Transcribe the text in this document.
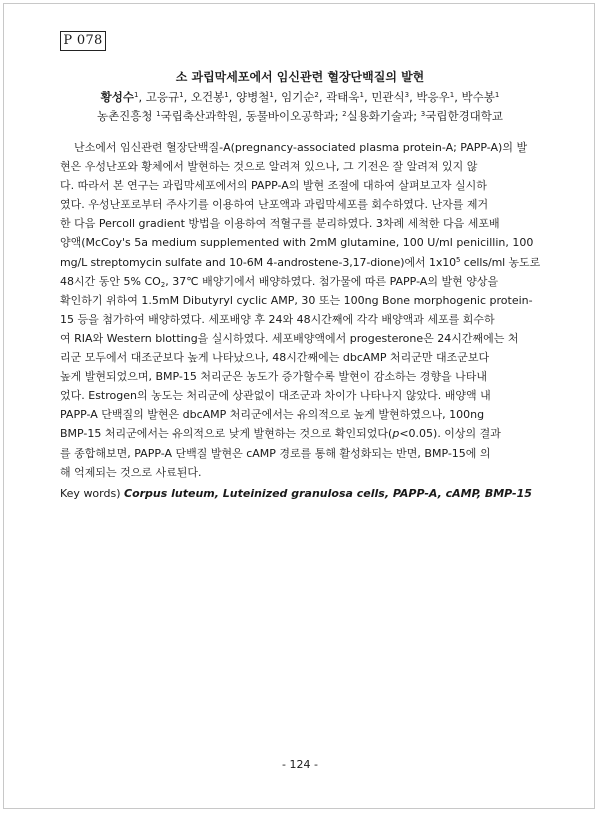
P 078
소 과립막세포에서 임신관련 혈장단백질의 발현
황성수$^1$, 고응규$^1$, 오건봉$^1$, 양병철$^1$, 임기순$^2$, 곽태욱$^1$, 민관식$^3$, 박응우$^1$, 박수봉$^1$
농촌진흥청 $^1$국립축산과학원, 동물바이오공학과; $^2$실용화기술과; $^3$국립한경대학교
난소에서 임신관련 혈장단백질-A(pregnancy-associated plasma protein-A; PAPP-A)의 발
현은 우성난포와 황체에서 발현하는 것으로 알려져 있으나, 그 기전은 잘 알려져 있지 않
다. 따라서 본 연구는 과립막세포에서의 PAPP-A의 발현 조절에 대하여 살펴보고자 실시하
였다. 우성난포로부터 주사기를 이용하여 난포액과 과립막세포를 회수하였다. 난자를 제거
한 다음 Percoll gradient 방법을 이용하여 적혈구를 분리하였다. 3차례 세척한 다음 세포배
양액(McCoy's 5a medium supplemented with 2mM glutamine, 100 U/ml penicillin, 100
mg/L streptomycin sulfate and 10-6M 4-androstene-3,17-dione)에서 $1x10^5$ cells/ml 농도로
48시간 동안 5% $CO_2$, 37℃ 배양기에서 배양하였다. 첨가물에 따른 PAPP-A의 발현 양상을
확인하기 위하여 1.5mM Dibutyryl cyclic AMP, 30 또는 100ng Bone morphogenic protein-
15 등을 첨가하여 배양하였다. 세포배양 후 24와 48시간째에 각각 배양액과 세포를 회수하
여 RIA와 Western blotting을 실시하였다. 세포배양액에서 progesterone은 24시간째에는 처
리군 모두에서 대조군보다 높게 나타났으나, 48시간째에는 dbcAMP 처리군만 대조군보다
높게 발현되었으며, BMP-15 처리군은 농도가 증가할수록 발현이 감소하는 경향을 나타내
었다. Estrogen의 농도는 처리군에 상관없이 대조군과 차이가 나타나지 않았다. 배양액 내
PAPP-A 단백질의 발현은 dbcAMP 처리군에서는 유의적으로 높게 발현하였으나, 100ng
BMP-15 처리군에서는 유의적으로 낮게 발현하는 것으로 확인되었다(p<0.05). 이상의 결과
를 종합해보면, PAPP-A 단백질 발현은 cAMP 경로를 통해 활성화되는 반면, BMP-15에 의
해 억제되는 것으로 사료된다.
Key words) Corpus luteum, Luteinized granulosa cells, PAPP-A, cAMP, BMP-15
- 124 -
